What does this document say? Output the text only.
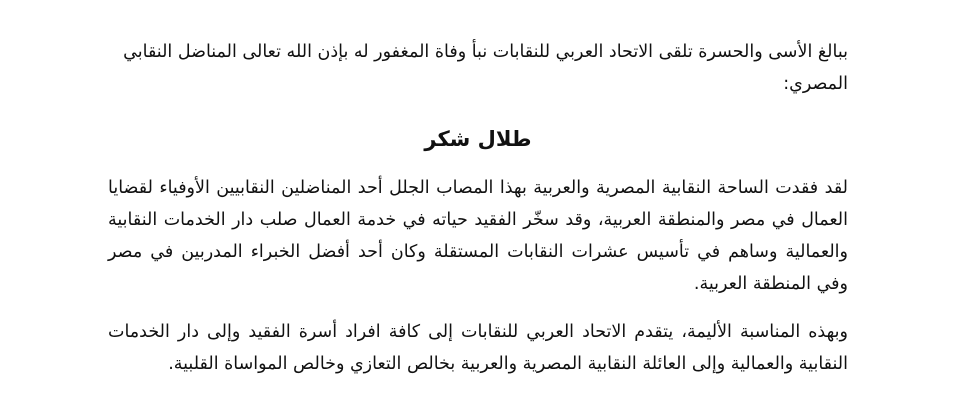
ببالغ الأسى والحسرة تلقى الاتحاد العربي للنقابات نبأ وفاة المغفور له بإذن الله تعالى المناضل النقابي المصري:

طلال شكر

لقد فقدت الساحة النقابية المصرية والعربية بهذا المصاب الجلل أحد المناضلين النقابيين الأوفياء لقضايا العمال في مصر والمنطقة العربية، وقد سخّر الفقيد حياته في خدمة العمال صلب دار الخدمات النقابية والعمالية وساهم في تأسيس عشرات النقابات المستقلة وكان أحد أفضل الخبراء المدربين في مصر وفي المنطقة العربية.

وبهذه المناسبة الأليمة، يتقدم الاتحاد العربي للنقابات إلى كافة افراد أسرة الفقيد وإلى دار الخدمات النقابية والعمالية وإلى العائلة النقابية المصرية والعربية بخالص التعازي وخالص المواساة القلبية.
